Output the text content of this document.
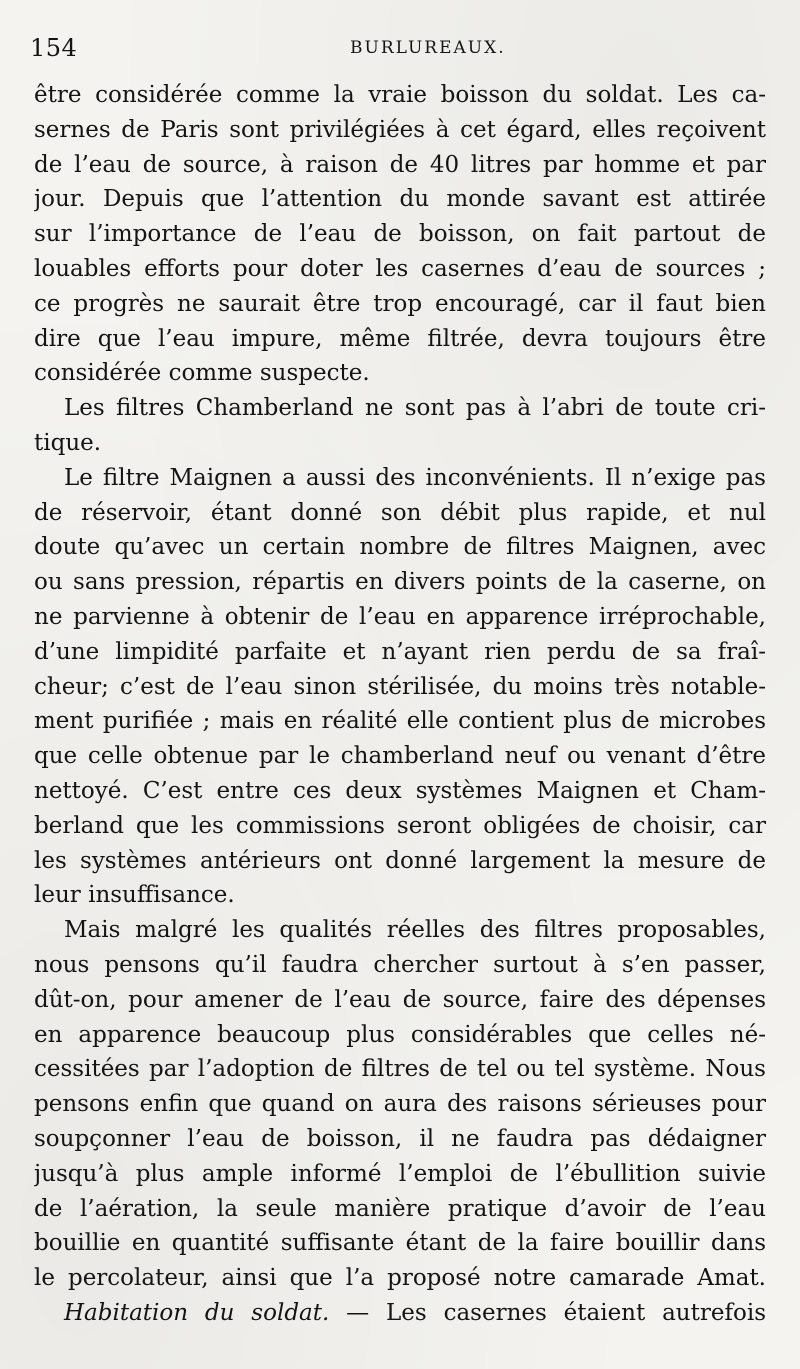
154	BURLUREAUX.
être considérée comme la vraie boisson du soldat. Les ca-
sernes de Paris sont privilégiées à cet égard, elles reçoivent
de l’eau de source, à raison de 40 litres par homme et par
jour. Depuis que l’attention du monde savant est attirée
sur l’importance de l’eau de boisson, on fait partout de
louables efforts pour doter les casernes d’eau de sources ;
ce progrès ne saurait être trop encouragé, car il faut bien
dire que l’eau impure, même filtrée, devra toujours être
considérée comme suspecte.
Les filtres Chamberland ne sont pas à l’abri de toute cri-
tique.
Le filtre Maignen a aussi des inconvénients. Il n’exige pas
de réservoir, étant donné son débit plus rapide, et nul
doute qu’avec un certain nombre de filtres Maignen, avec
ou sans pression, répartis en divers points de la caserne, on
ne parvienne à obtenir de l’eau en apparence irréprochable,
d’une limpidité parfaite et n’ayant rien perdu de sa fraî-
cheur; c’est de l’eau sinon stérilisée, du moins très notable-
ment purifiée ; mais en réalité elle contient plus de microbes
que celle obtenue par le chamberland neuf ou venant d’être
nettoyé. C’est entre ces deux systèmes Maignen et Cham-
berland que les commissions seront obligées de choisir, car
les systèmes antérieurs ont donné largement la mesure de
leur insuffisance.
Mais malgré les qualités réelles des filtres proposables,
nous pensons qu’il faudra chercher surtout à s’en passer,
dût-on, pour amener de l’eau de source, faire des dépenses
en apparence beaucoup plus considérables que celles né-
cessitées par l’adoption de filtres de tel ou tel système. Nous
pensons enfin que quand on aura des raisons sérieuses pour
soupçonner l’eau de boisson, il ne faudra pas dédaigner
jusqu’à plus ample informé l’emploi de l’ébullition suivie
de l’aération, la seule manière pratique d’avoir de l’eau
bouillie en quantité suffisante étant de la faire bouillir dans
le percolateur, ainsi que l’a proposé notre camarade Amat.
Habitation du soldat. — Les casernes étaient autrefois
